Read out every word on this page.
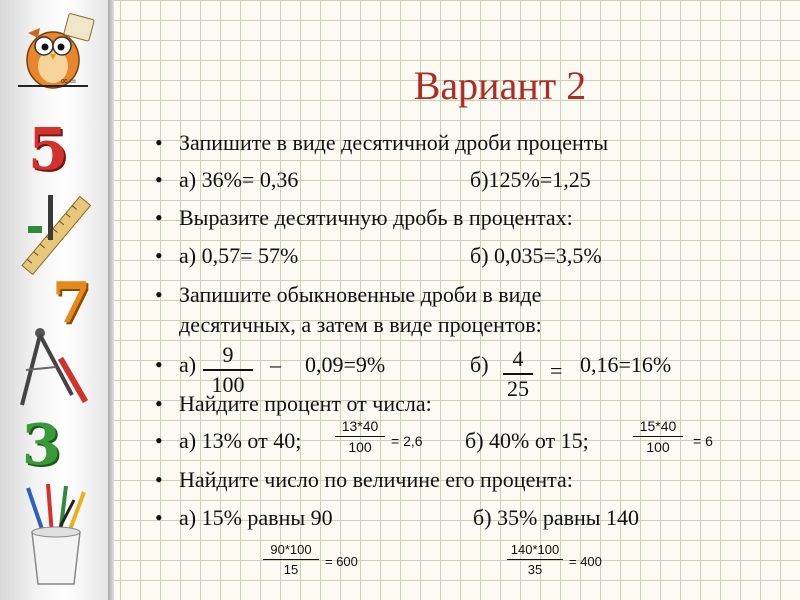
∞=
5
7
3
Вариант 2
• Запишите в виде десятичной дроби проценты
• а) 36%= 0,36	б)125%=1,25
• Выразите десятичную дробь в процентах:
• а) 0,57= 57%	б) 0,035=3,5%
• Запишите обыкновенные дроби в виде
десятичных, а затем в виде процентов:
• а)	– 0,09=9%	б)	= 0,16=16%
9
100
4
25
• Найдите процент от числа:
• а) 13% от 40;	б) 40% от 15;
13*40
100	= 2,6
15*40
100	= 6
• Найдите число по величине его процента:
• а) 15% равны 90	б) 35% равны 140
90*100
15
= 600
140*100
35
= 400
